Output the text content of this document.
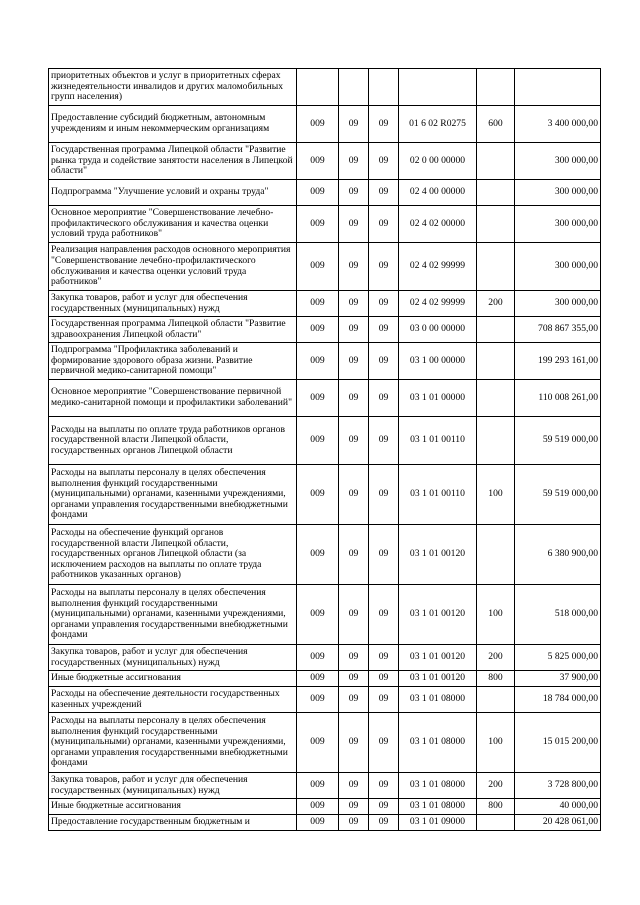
приоритетных объектов и услуг в приоритетных сферах жизнедеятельности инвалидов и других маломобильных групп населения)						
Предоставление субсидий бюджетным, автономным учреждениям и иным некоммерческим организациям	009	09	09	01 6 02 R0275	600	3 400 000,00
Государственная программа Липецкой области "Развитие рынка труда и содействие занятости населения в Липецкой области"	009	09	09	02 0 00 00000		300 000,00
Подпрограмма "Улучшение условий и охраны труда"	009	09	09	02 4 00 00000		300 000,00
Основное мероприятие "Совершенствование лечебно-профилактического обслуживания и качества оценки условий труда работников"	009	09	09	02 4 02 00000		300 000,00
Реализация направления расходов основного мероприятия "Совершенствование лечебно-профилактического обслуживания и качества оценки условий труда работников"	009	09	09	02 4 02 99999		300 000,00
Закупка товаров, работ и услуг для обеспечения государственных (муниципальных) нужд	009	09	09	02 4 02 99999	200	300 000,00
Государственная программа Липецкой области "Развитие здравоохранения Липецкой области"	009	09	09	03 0 00 00000		708 867 355,00
Подпрограмма "Профилактика заболеваний и формирование здорового образа жизни. Развитие первичной медико-санитарной помощи"	009	09	09	03 1 00 00000		199 293 161,00
Основное мероприятие "Совершенствование первичной медико-санитарной помощи и профилактики заболеваний"	009	09	09	03 1 01 00000		110 008 261,00
Расходы на выплаты по оплате труда работников органов государственной власти Липецкой области, государственных органов Липецкой области	009	09	09	03 1 01 00110		59 519 000,00
Расходы на выплаты персоналу в целях обеспечения выполнения функций государственными (муниципальными) органами, казенными учреждениями, органами управления государственными внебюджетными фондами	009	09	09	03 1 01 00110	100	59 519 000,00
Расходы на обеспечение функций органов государственной власти Липецкой области, государственных органов Липецкой области (за исключением расходов на выплаты по оплате труда работников указанных органов)	009	09	09	03 1 01 00120		6 380 900,00
Расходы на выплаты персоналу в целях обеспечения выполнения функций государственными (муниципальными) органами, казенными учреждениями, органами управления государственными внебюджетными фондами	009	09	09	03 1 01 00120	100	518 000,00
Закупка товаров, работ и услуг для обеспечения государственных (муниципальных) нужд	009	09	09	03 1 01 00120	200	5 825 000,00
Иные бюджетные ассигнования	009	09	09	03 1 01 00120	800	37 900,00
Расходы на обеспечение деятельности государственных казенных учреждений	009	09	09	03 1 01 08000		18 784 000,00
Расходы на выплаты персоналу в целях обеспечения выполнения функций государственными (муниципальными) органами, казенными учреждениями, органами управления государственными внебюджетными фондами	009	09	09	03 1 01 08000	100	15 015 200,00
Закупка товаров, работ и услуг для обеспечения государственных (муниципальных) нужд	009	09	09	03 1 01 08000	200	3 728 800,00
Иные бюджетные ассигнования	009	09	09	03 1 01 08000	800	40 000,00
Предоставление государственным бюджетным и	009	09	09	03 1 01 09000		20 428 061,00
